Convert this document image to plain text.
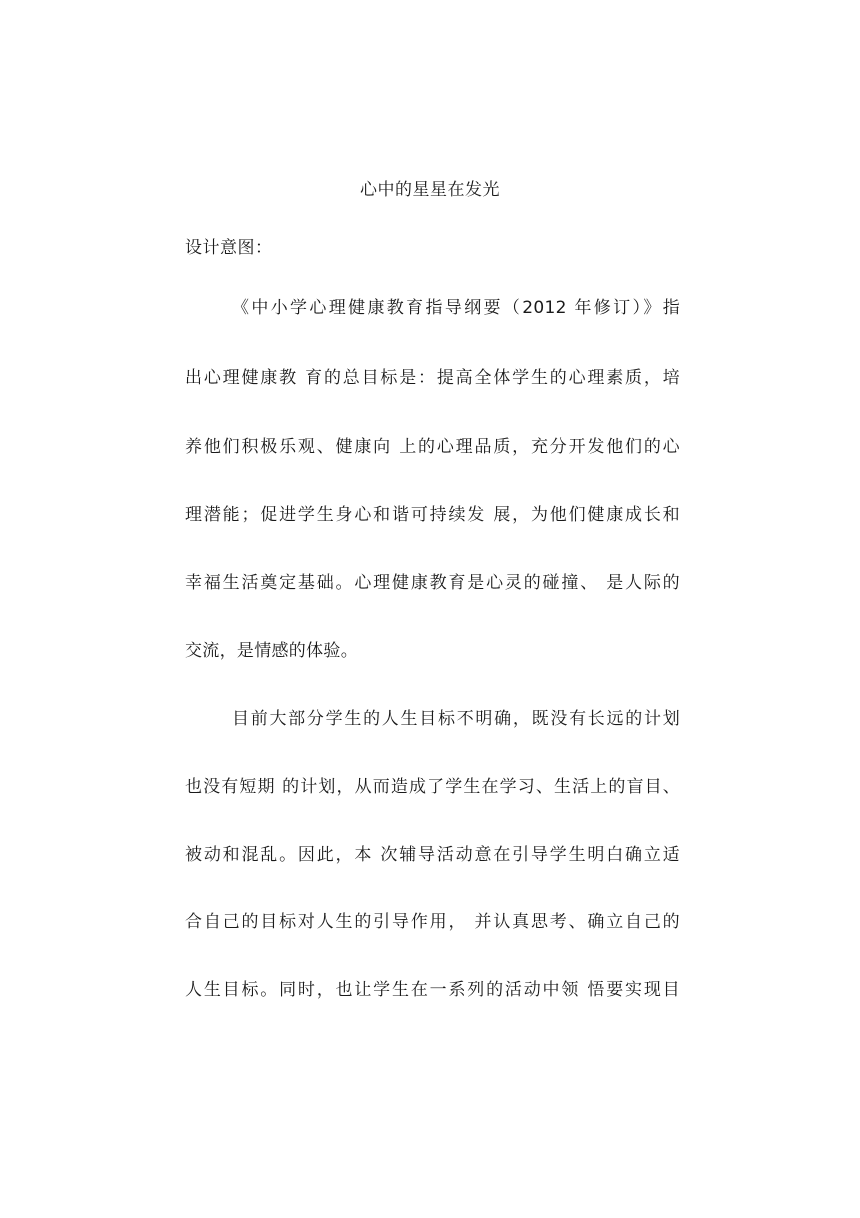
心中的星星在发光
设计意图：
《中小学心理健康教育指导纲要（2012 年修订）》指
出心理健康教 育的总目标是：提高全体学生的心理素质，培
养他们积极乐观、健康向 上的心理品质，充分开发他们的心
理潜能；促进学生身心和谐可持续发 展，为他们健康成长和
幸福生活奠定基础。心理健康教育是心灵的碰撞、 是人际的
交流，是情感的体验。
目前大部分学生的人生目标不明确，既没有长远的计划
也没有短期 的计划，从而造成了学生在学习、生活上的盲目、
被动和混乱。因此，本 次辅导活动意在引导学生明白确立适
合自己的目标对人生的引导作用， 并认真思考、确立自己的
人生目标。同时，也让学生在一系列的活动中领 悟要实现目
